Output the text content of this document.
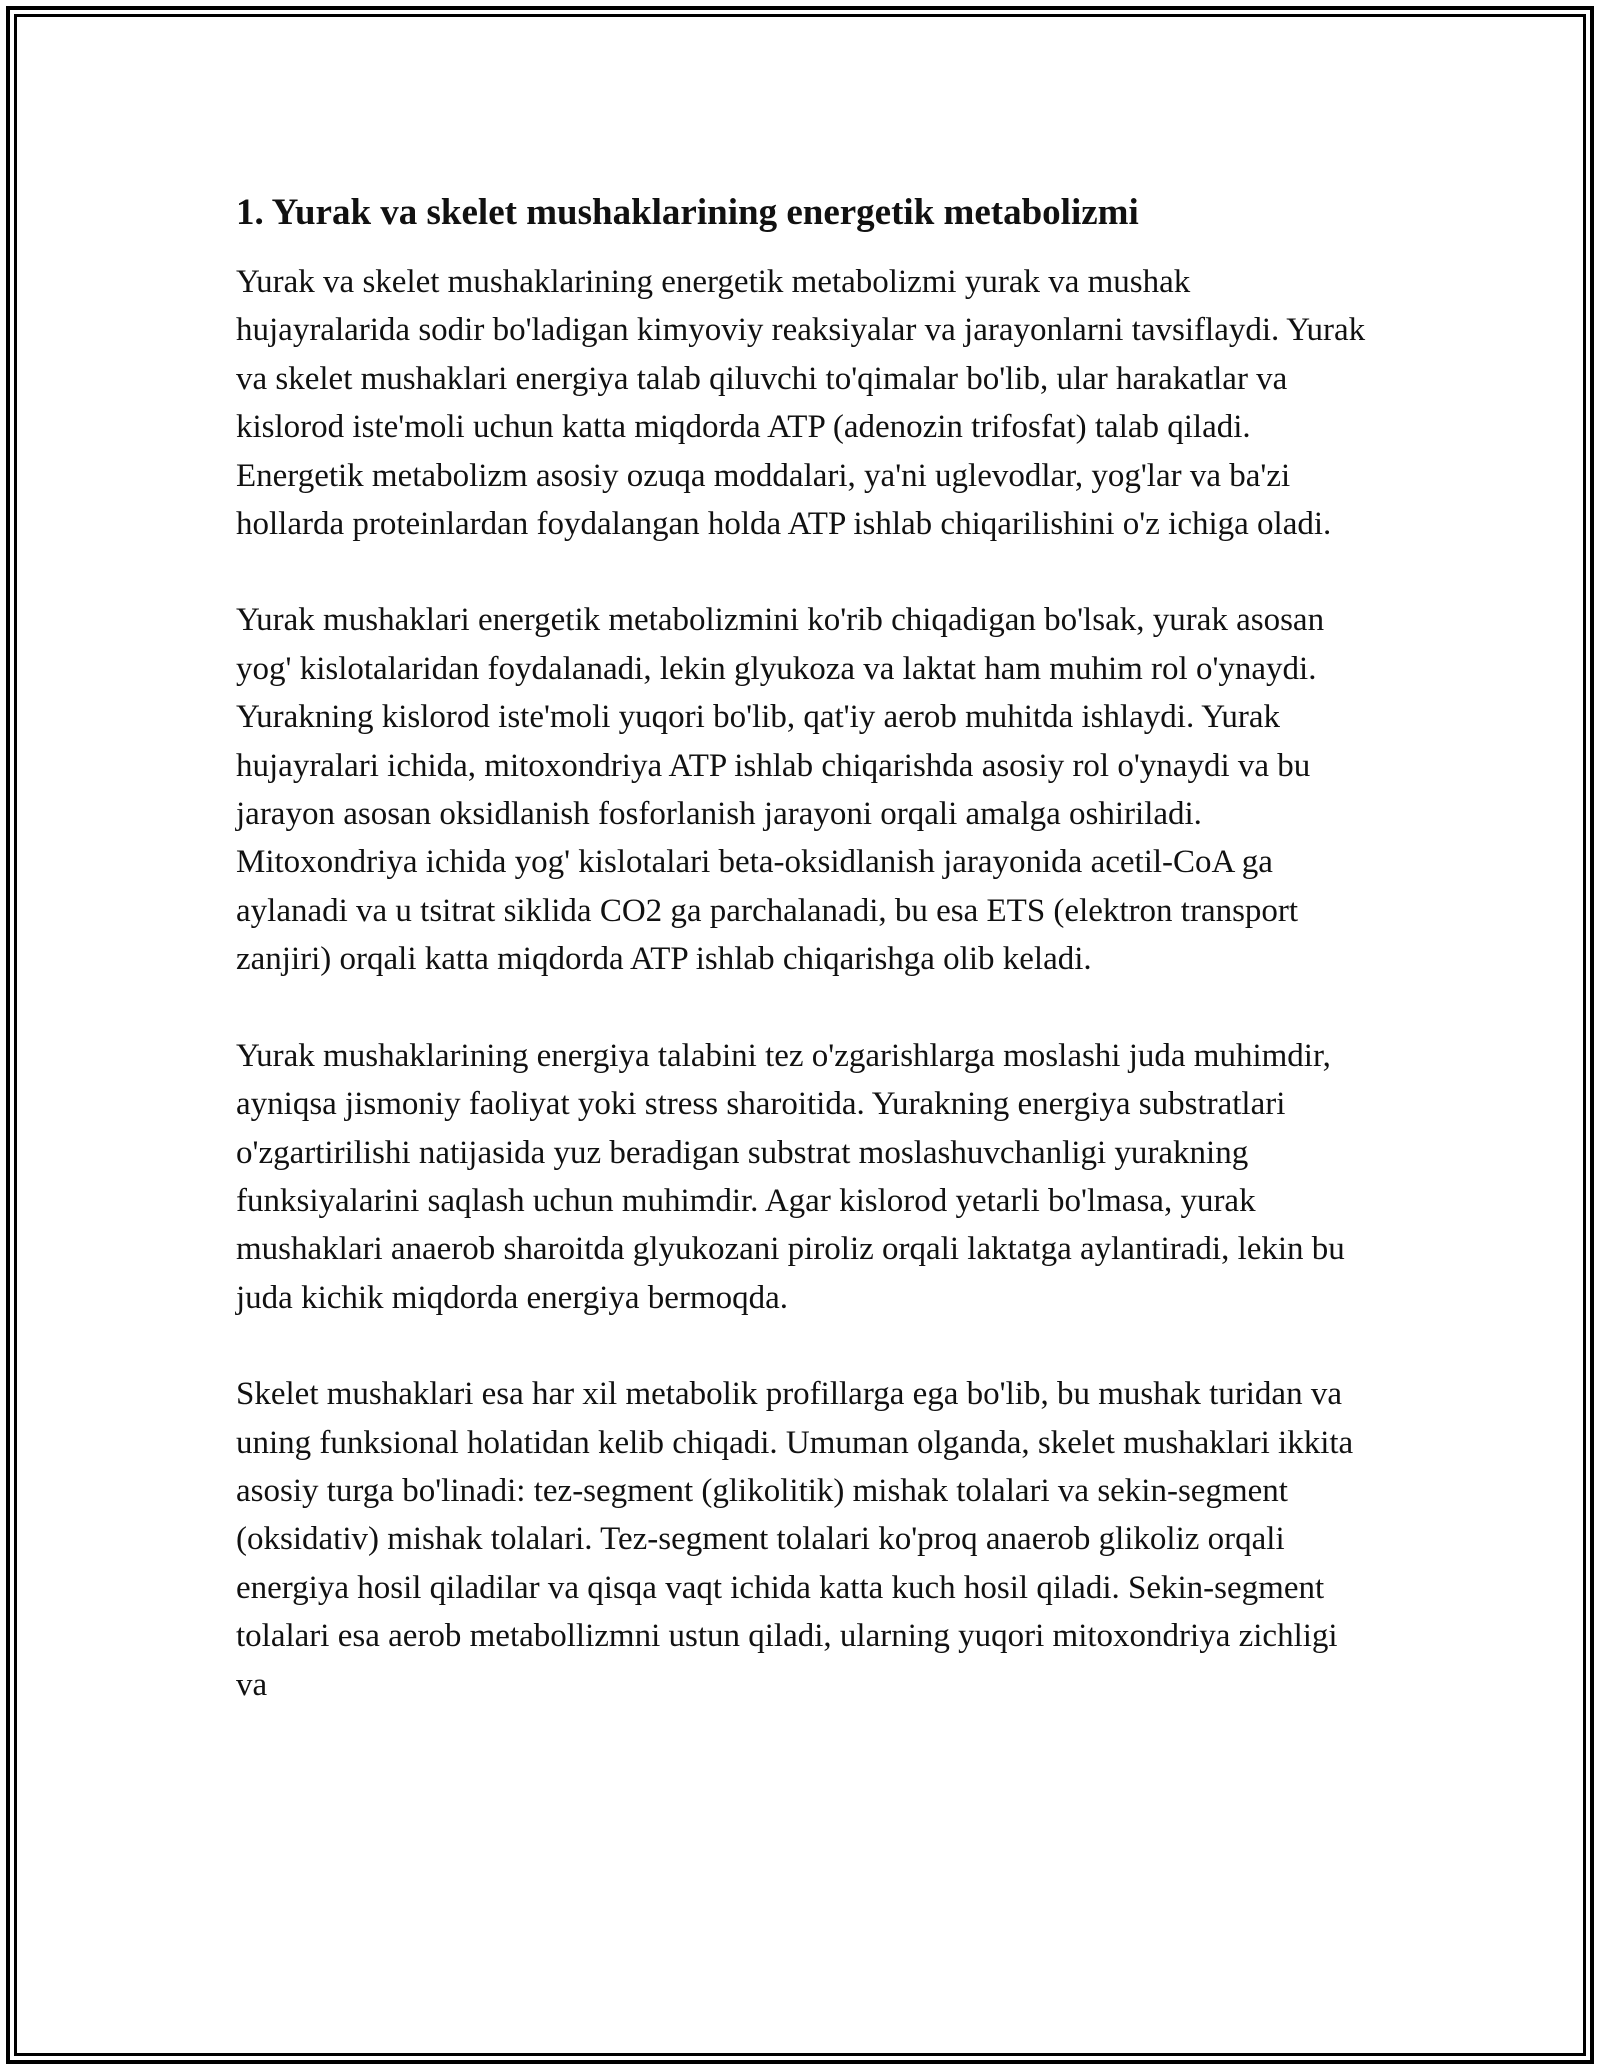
1. Yurak va skelet mushaklarining energetik metabolizmi

Yurak va skelet mushaklarining energetik metabolizmi yurak va mushak hujayralarida sodir bo'ladigan kimyoviy reaksiyalar va jarayonlarni tavsiflaydi. Yurak va skelet mushaklari energiya talab qiluvchi to'qimalar bo'lib, ular harakatlar va kislorod iste'moli uchun katta miqdorda ATP (adenozin trifosfat) talab qiladi. Energetik metabolizm asosiy ozuqa moddalari, ya'ni uglevodlar, yog'lar va ba'zi hollarda proteinlardan foydalangan holda ATP ishlab chiqarilishini o'z ichiga oladi.

Yurak mushaklari energetik metabolizmini ko'rib chiqadigan bo'lsak, yurak asosan yog' kislotalaridan foydalanadi, lekin glyukoza va laktat ham muhim rol o'ynaydi. Yurakning kislorod iste'moli yuqori bo'lib, qat'iy aerob muhitda ishlaydi. Yurak hujayralari ichida, mitoxondriya ATP ishlab chiqarishda asosiy rol o'ynaydi va bu jarayon asosan oksidlanish fosforlanish jarayoni orqali amalga oshiriladi. Mitoxondriya ichida yog' kislotalari beta-oksidlanish jarayonida acetil-CoA ga aylanadi va u tsitrat siklida CO2 ga parchalanadi, bu esa ETS (elektron transport zanjiri) orqali katta miqdorda ATP ishlab chiqarishga olib keladi.

Yurak mushaklarining energiya talabini tez o'zgarishlarga moslashi juda muhimdir, ayniqsa jismoniy faoliyat yoki stress sharoitida. Yurakning energiya substratlari o'zgartirilishi natijasida yuz beradigan substrat moslashuvchanligi yurakning funksiyalarini saqlash uchun muhimdir. Agar kislorod yetarli bo'lmasa, yurak mushaklari anaerob sharoitda glyukozani piroliz orqali laktatga aylantiradi, lekin bu juda kichik miqdorda energiya bermoqda.

Skelet mushaklari esa har xil metabolik profillarga ega bo'lib, bu mushak turidan va uning funksional holatidan kelib chiqadi. Umuman olganda, skelet mushaklari ikkita asosiy turga bo'linadi: tez-segment (glikolitik) mishak tolalari va sekin-segment (oksidativ) mishak tolalari. Tez-segment tolalari ko'proq anaerob glikoliz orqali energiya hosil qiladilar va qisqa vaqt ichida katta kuch hosil qiladi. Sekin-segment tolalari esa aerob metabollizmni ustun qiladi, ularning yuqori mitoxondriya zichligi va
